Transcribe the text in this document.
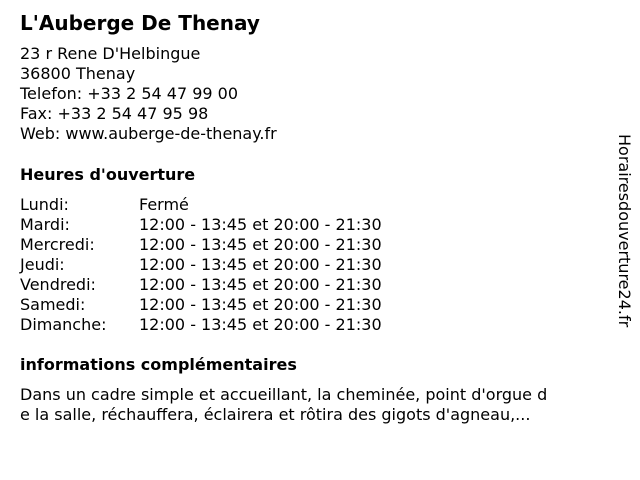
L'Auberge De Thenay
23 r Rene D'Helbingue
36800 Thenay
Telefon: +33 2 54 47 99 00
Fax: +33 2 54 47 95 98
Web: www.auberge-de-thenay.fr
Heures d'ouverture
Lundi:	Fermé
Mardi:	12:00 - 13:45 et 20:00 - 21:30
Mercredi:	12:00 - 13:45 et 20:00 - 21:30
Jeudi:	12:00 - 13:45 et 20:00 - 21:30
Vendredi:	12:00 - 13:45 et 20:00 - 21:30
Samedi:	12:00 - 13:45 et 20:00 - 21:30
Dimanche: 12:00 - 13:45 et 20:00 - 21:30
informations complémentaires
Dans un cadre simple et accueillant, la cheminée, point d'orgue d
e la salle, réchauffera, éclairera et rôtira des gigots d'agneau,...
Horairesdouverture24.fr
